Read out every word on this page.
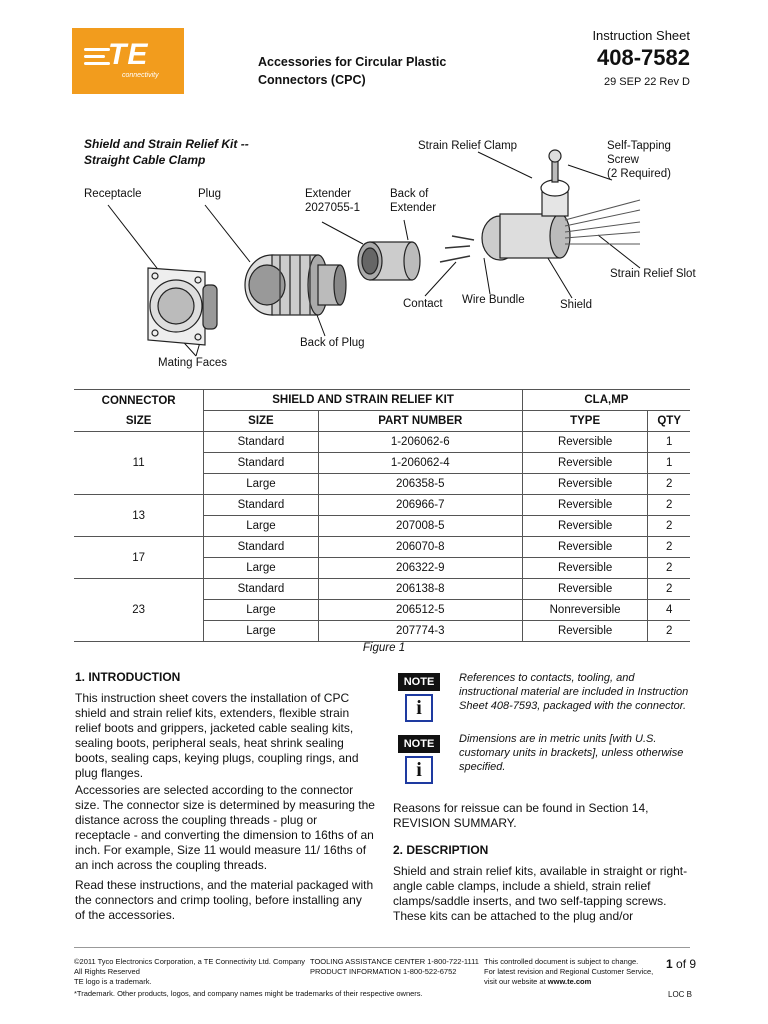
TE
connectivity
Accessories for Circular Plastic
Connectors (CPC)
Instruction Sheet
408-7582
29 SEP 22 Rev D
Shield and Strain Relief Kit --
Straight Cable Clamp
Receptacle	Plug	Extender
2027055-1
Back of
Extender
Strain Relief Clamp	Self-Tapping
Screw
(2 Required)
Strain Relief Slot
Contact Wire Bundle	Shield
Back of Plug
Mating Faces
CONNECTOR
SIZE	SHIELD AND STRAIN RELIEF KIT		CLA,MP	
	SIZE	PART NUMBER	TYPE	QTY
11	Standard	1-206062-6	Reversible	1
	Standard	1-206062-4	Reversible	1
	Large	206358-5	Reversible	2
13	Standard	206966-7	Reversible	2
	Large	207008-5	Reversible	2
17	Standard	206070-8	Reversible	2
	Large	206322-9	Reversible	2
23	Standard	206138-8	Reversible	2
	Large	206512-5	Nonreversible	4
	Large	207774-3	Reversible	2
Figure 1
1. INTRODUCTION
This instruction sheet covers the installation of CPC shield and strain relief kits, extenders, flexible strain relief boots and grippers, jacketed cable sealing kits, sealing boots, peripheral seals, heat shrink sealing boots, sealing caps, keying plugs, coupling rings, and plug flanges.
Accessories are selected according to the connector size. The connector size is determined by measuring the distance across the coupling threads - plug or receptacle - and converting the dimension to 16ths of an inch. For example, Size 11 would measure 11/ 16ths of an inch across the coupling threads.
Read these instructions, and the material packaged with the connectors and crimp tooling, before installing any of the accessories.
NOTE
i
References to contacts, tooling, and instructional material are included in Instruction Sheet 408-7593, packaged with the connector.
NOTE
i
Dimensions are in metric units [with U.S. customary units in brackets], unless otherwise specified.
Reasons for reissue can be found in Section 14, REVISION SUMMARY.
2. DESCRIPTION
Shield and strain relief kits, available in straight or right-angle cable clamps, include a shield, strain relief clamps/saddle inserts, and two self-tapping screws. These kits can be attached to the plug and/or
©2011 Tyco Electronics Corporation, a TE Connectivity Ltd. Company
All Rights Reserved
TE logo is a trademark.
TOOLING ASSISTANCE CENTER 1-800-722-1111
PRODUCT INFORMATION 1-800-522-6752
This controlled document is subject to change.
For latest revision and Regional Customer Service,
visit our website at www.te.com
*Trademark. Other products, logos, and company names might be trademarks of their respective owners.
1 of 9
LOC B
